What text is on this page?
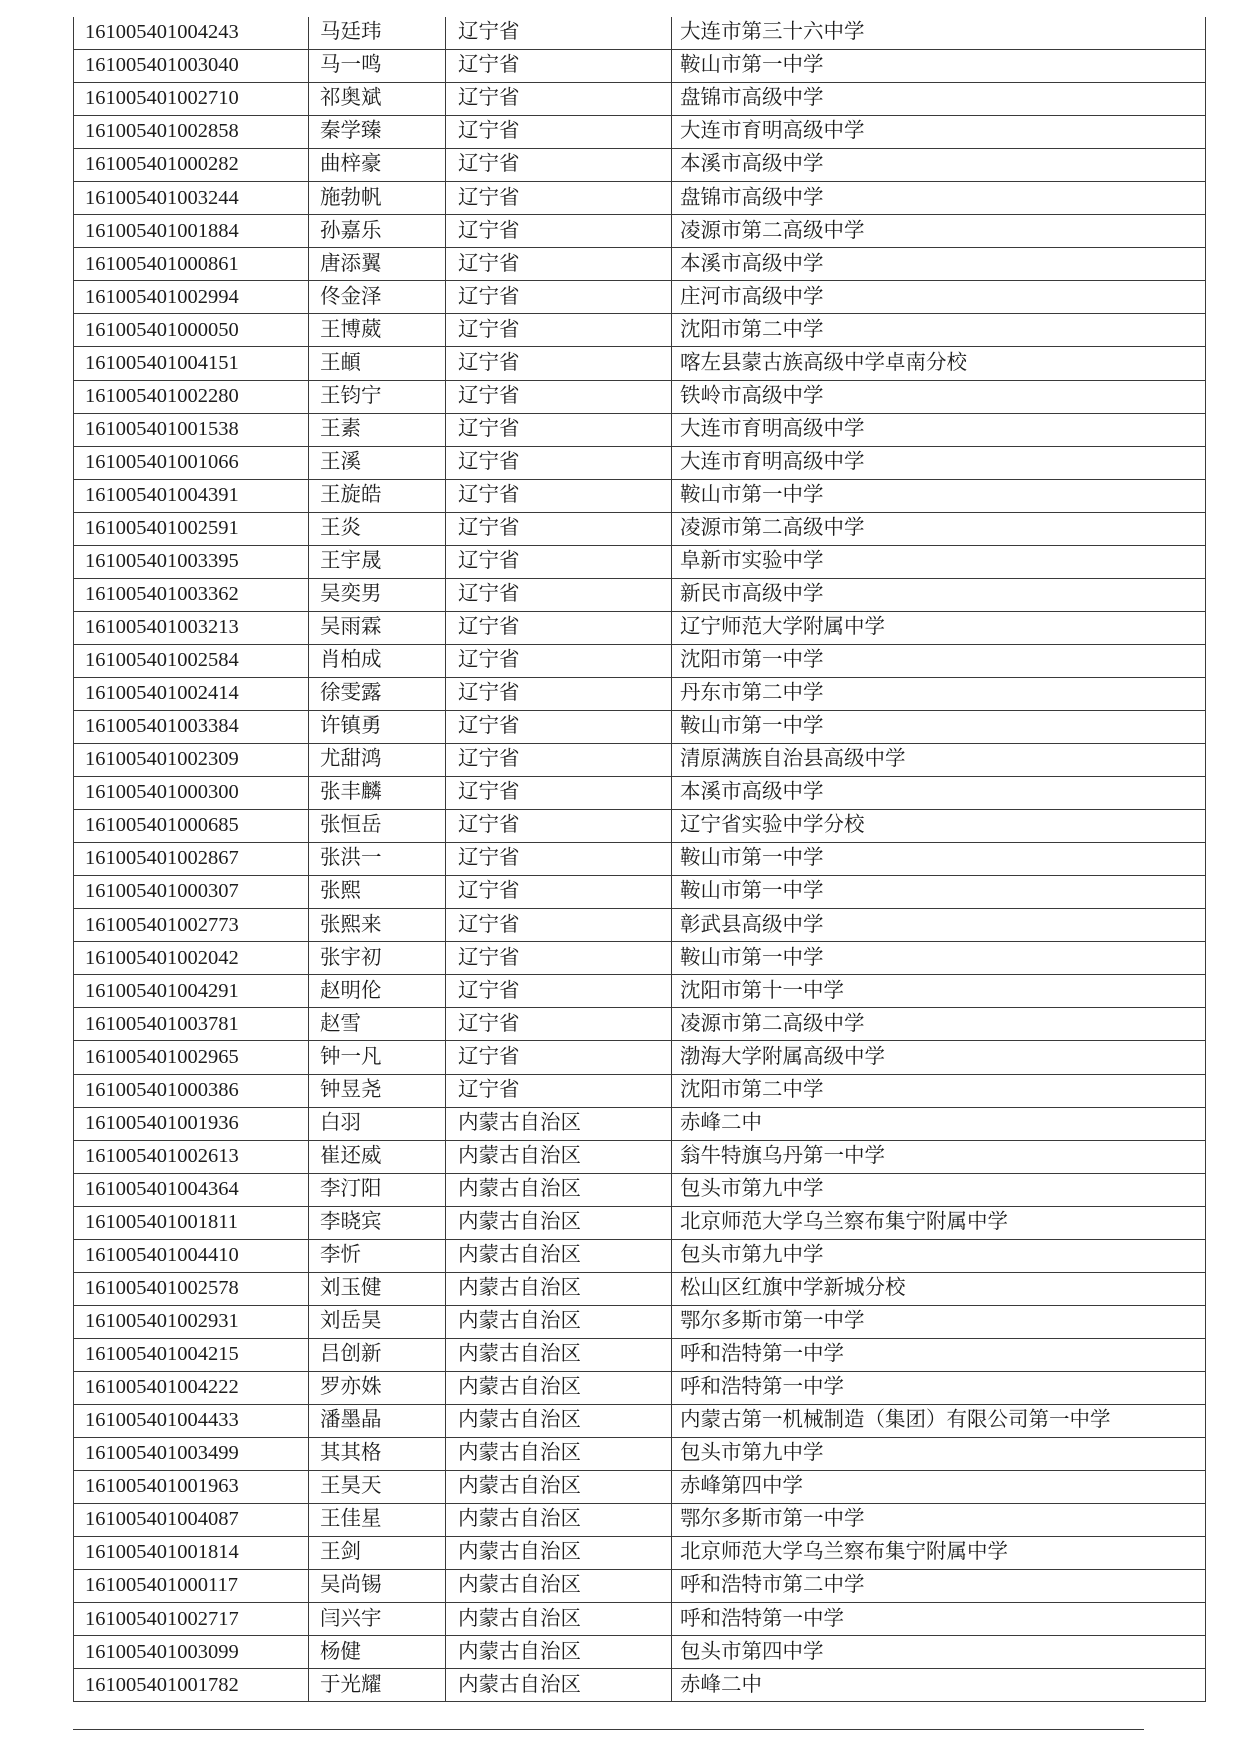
161005401004243	马廷玮	辽宁省	大连市第三十六中学
161005401003040	马一鸣	辽宁省	鞍山市第一中学
161005401002710	祁奥斌	辽宁省	盘锦市高级中学
161005401002858	秦学臻	辽宁省	大连市育明高级中学
161005401000282	曲梓豪	辽宁省	本溪市高级中学
161005401003244	施勃帆	辽宁省	盘锦市高级中学
161005401001884	孙嘉乐	辽宁省	凌源市第二高级中学
161005401000861	唐添翼	辽宁省	本溪市高级中学
161005401002994	佟金泽	辽宁省	庄河市高级中学
161005401000050	王博葳	辽宁省	沈阳市第二中学
161005401004151	王頔	辽宁省	喀左县蒙古族高级中学卓南分校
161005401002280	王钧宁	辽宁省	铁岭市高级中学
161005401001538	王素	辽宁省	大连市育明高级中学
161005401001066	王溪	辽宁省	大连市育明高级中学
161005401004391	王旋皓	辽宁省	鞍山市第一中学
161005401002591	王炎	辽宁省	凌源市第二高级中学
161005401003395	王宇晟	辽宁省	阜新市实验中学
161005401003362	吴奕男	辽宁省	新民市高级中学
161005401003213	吴雨霖	辽宁省	辽宁师范大学附属中学
161005401002584	肖柏成	辽宁省	沈阳市第一中学
161005401002414	徐雯露	辽宁省	丹东市第二中学
161005401003384	许镇勇	辽宁省	鞍山市第一中学
161005401002309	尤甜鸿	辽宁省	清原满族自治县高级中学
161005401000300	张丰麟	辽宁省	本溪市高级中学
161005401000685	张恒岳	辽宁省	辽宁省实验中学分校
161005401002867	张洪一	辽宁省	鞍山市第一中学
161005401000307	张熙	辽宁省	鞍山市第一中学
161005401002773	张熙来	辽宁省	彰武县高级中学
161005401002042	张宇初	辽宁省	鞍山市第一中学
161005401004291	赵明伦	辽宁省	沈阳市第十一中学
161005401003781	赵雪	辽宁省	凌源市第二高级中学
161005401002965	钟一凡	辽宁省	渤海大学附属高级中学
161005401000386	钟昱尧	辽宁省	沈阳市第二中学
161005401001936	白羽	内蒙古自治区	赤峰二中
161005401002613	崔还威	内蒙古自治区	翁牛特旗乌丹第一中学
161005401004364	李汀阳	内蒙古自治区	包头市第九中学
161005401001811	李晓宾	内蒙古自治区	北京师范大学乌兰察布集宁附属中学
161005401004410	李忻	内蒙古自治区	包头市第九中学
161005401002578	刘玉健	内蒙古自治区	松山区红旗中学新城分校
161005401002931	刘岳昊	内蒙古自治区	鄂尔多斯市第一中学
161005401004215	吕创新	内蒙古自治区	呼和浩特第一中学
161005401004222	罗亦姝	内蒙古自治区	呼和浩特第一中学
161005401004433	潘墨晶	内蒙古自治区	内蒙古第一机械制造（集团）有限公司第一中学
161005401003499	其其格	内蒙古自治区	包头市第九中学
161005401001963	王昊天	内蒙古自治区	赤峰第四中学
161005401004087	王佳星	内蒙古自治区	鄂尔多斯市第一中学
161005401001814	王剑	内蒙古自治区	北京师范大学乌兰察布集宁附属中学
161005401000117	吴尚锡	内蒙古自治区	呼和浩特市第二中学
161005401002717	闫兴宇	内蒙古自治区	呼和浩特第一中学
161005401003099	杨健	内蒙古自治区	包头市第四中学
161005401001782	于光耀	内蒙古自治区	赤峰二中
